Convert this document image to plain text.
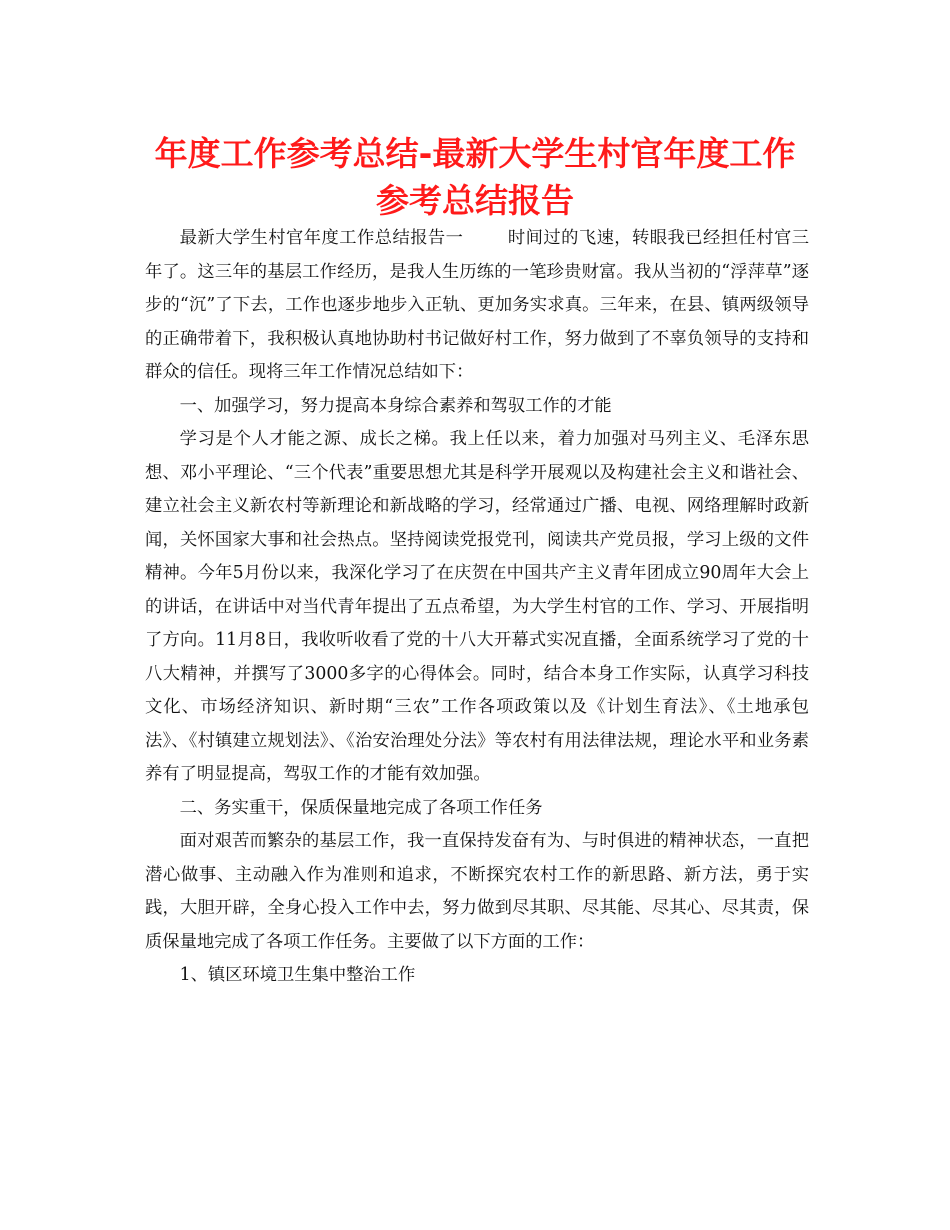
年度工作参考总结-最新大学生村官年度工作参考总结报告

最新大学生村官年度工作总结报告一	时间过的飞速，转眼我已经担任村官三年了。这三年的基层工作经历，是我人生历练的一笔珍贵财富。我从当初的“浮萍草”逐步的“沉”了下去，工作也逐步地步入正轨、更加务实求真。三年来，在县、镇两级领导的正确带着下，我积极认真地协助村书记做好村工作，努力做到了不辜负领导的支持和群众的信任。现将三年工作情况总结如下：

一、加强学习，努力提高本身综合素养和驾驭工作的才能

学习是个人才能之源、成长之梯。我上任以来，着力加强对马列主义、毛泽东思想、邓小平理论、“三个代表”重要思想尤其是科学开展观以及构建社会主义和谐社会、建立社会主义新农村等新理论和新战略的学习，经常通过广播、电视、网络理解时政新闻，关怀国家大事和社会热点。坚持阅读党报党刊，阅读共产党员报，学习上级的文件精神。今年5月份以来，我深化学习了在庆贺在中国共产主义青年团成立90周年大会上的讲话，在讲话中对当代青年提出了五点希望，为大学生村官的工作、学习、开展指明了方向。11月8日，我收听收看了党的十八大开幕式实况直播，全面系统学习了党的十八大精神，并撰写了3000多字的心得体会。同时，结合本身工作实际，认真学习科技文化、市场经济知识、新时期“三农”工作各项政策以及《计划生育法》、《土地承包法》、《村镇建立规划法》、《治安治理处分法》等农村有用法律法规，理论水平和业务素养有了明显提高，驾驭工作的才能有效加强。

二、务实重干，保质保量地完成了各项工作任务

面对艰苦而繁杂的基层工作，我一直保持发奋有为、与时俱进的精神状态，一直把潜心做事、主动融入作为准则和追求，不断探究农村工作的新思路、新方法，勇于实践，大胆开辟，全身心投入工作中去，努力做到尽其职、尽其能、尽其心、尽其责，保质保量地完成了各项工作任务。主要做了以下方面的工作：

1、镇区环境卫生集中整治工作
